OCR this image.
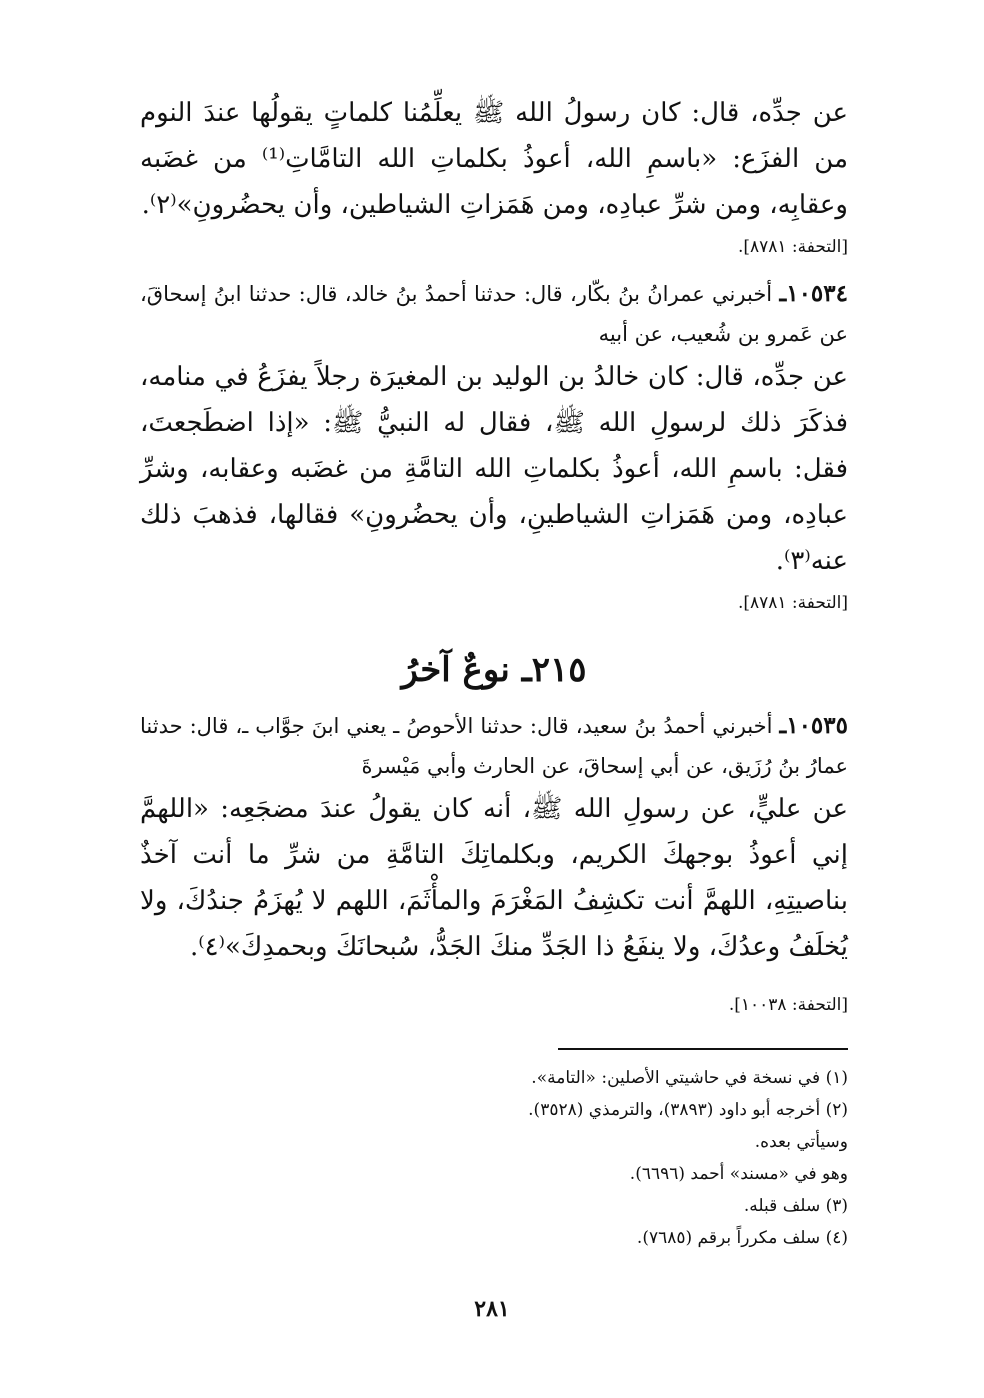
عن جدِّه، قال: كان رسولُ الله ﷺ يعلِّمُنا كلماتٍ يقولُها عندَ النوم من الفزَع: «باسمِ الله، أعوذُ بكلماتِ الله التامَّاتِ⁽¹⁾ من غضَبه وعقابِه، ومن شرِّ عبادِه، ومن هَمَزاتِ الشياطين، وأن يحضُرونِ»⁽٢⁾.

[التحفة: ٨٧٨١].
١٠٥٣٤ـ أخبرني عمرانُ بنُ بكّار، قال: حدثنا أحمدُ بنُ خالد، قال: حدثنا ابنُ إسحاقَ، عن عَمرو بن شُعيب، عن أبيه

عن جدِّه، قال: كان خالدُ بن الوليد بن المغيرَة رجلاً يفزَعُ في منامه، فذكَرَ ذلك لرسولِ الله ﷺ، فقال له النبيُّ ﷺ: «إذا اضطَجعتَ، فقل: باسمِ الله، أعوذُ بكلماتِ الله التامَّةِ من غضَبه وعقابه، وشرِّ عبادِه، ومن هَمَزاتِ الشياطينِ، وأن يحضُرونِ» فقالها، فذهبَ ذلك عنه⁽٣⁾.

[التحفة: ٨٧٨١].
٢١٥ـ نوعٌ آخرُ
١٠٥٣٥ـ أخبرني أحمدُ بنُ سعيد، قال: حدثنا الأحوصُ ـ يعني ابنَ جوَّاب ـ، قال: حدثنا عمارُ بنُ رُزَيق، عن أبي إسحاقَ، عن الحارث وأبي مَيْسرةَ

عن عليٍّ، عن رسولِ الله ﷺ، أنه كان يقولُ عندَ مضجَعِه: «اللهمَّ إني أعوذُ بوجهكَ الكريم، وبكلماتِكَ التامَّةِ من شرِّ ما أنت آخذٌ بناصيتِهِ، اللهمَّ أنت تكشِفُ المَغْرَمَ والمأْثَمَ، اللهم لا يُهزَمُ جندُكَ، ولا يُخلَفُ وعدُكَ، ولا ينفَعُ ذا الجَدِّ منكَ الجَدُّ، سُبحانَكَ وبحمدِكَ»⁽٤⁾.

[التحفة: ١٠٠٣٨].
(١) في نسخة في حاشيتي الأصلين: «التامة».
(٢) أخرجه أبو داود (٣٨٩٣)، والترمذي (٣٥٢٨).
وسيأتي بعده.
وهو في «مسند» أحمد (٦٦٩٦).
(٣) سلف قبله.
(٤) سلف مكرراً برقم (٧٦٨٥).
٢٨١
